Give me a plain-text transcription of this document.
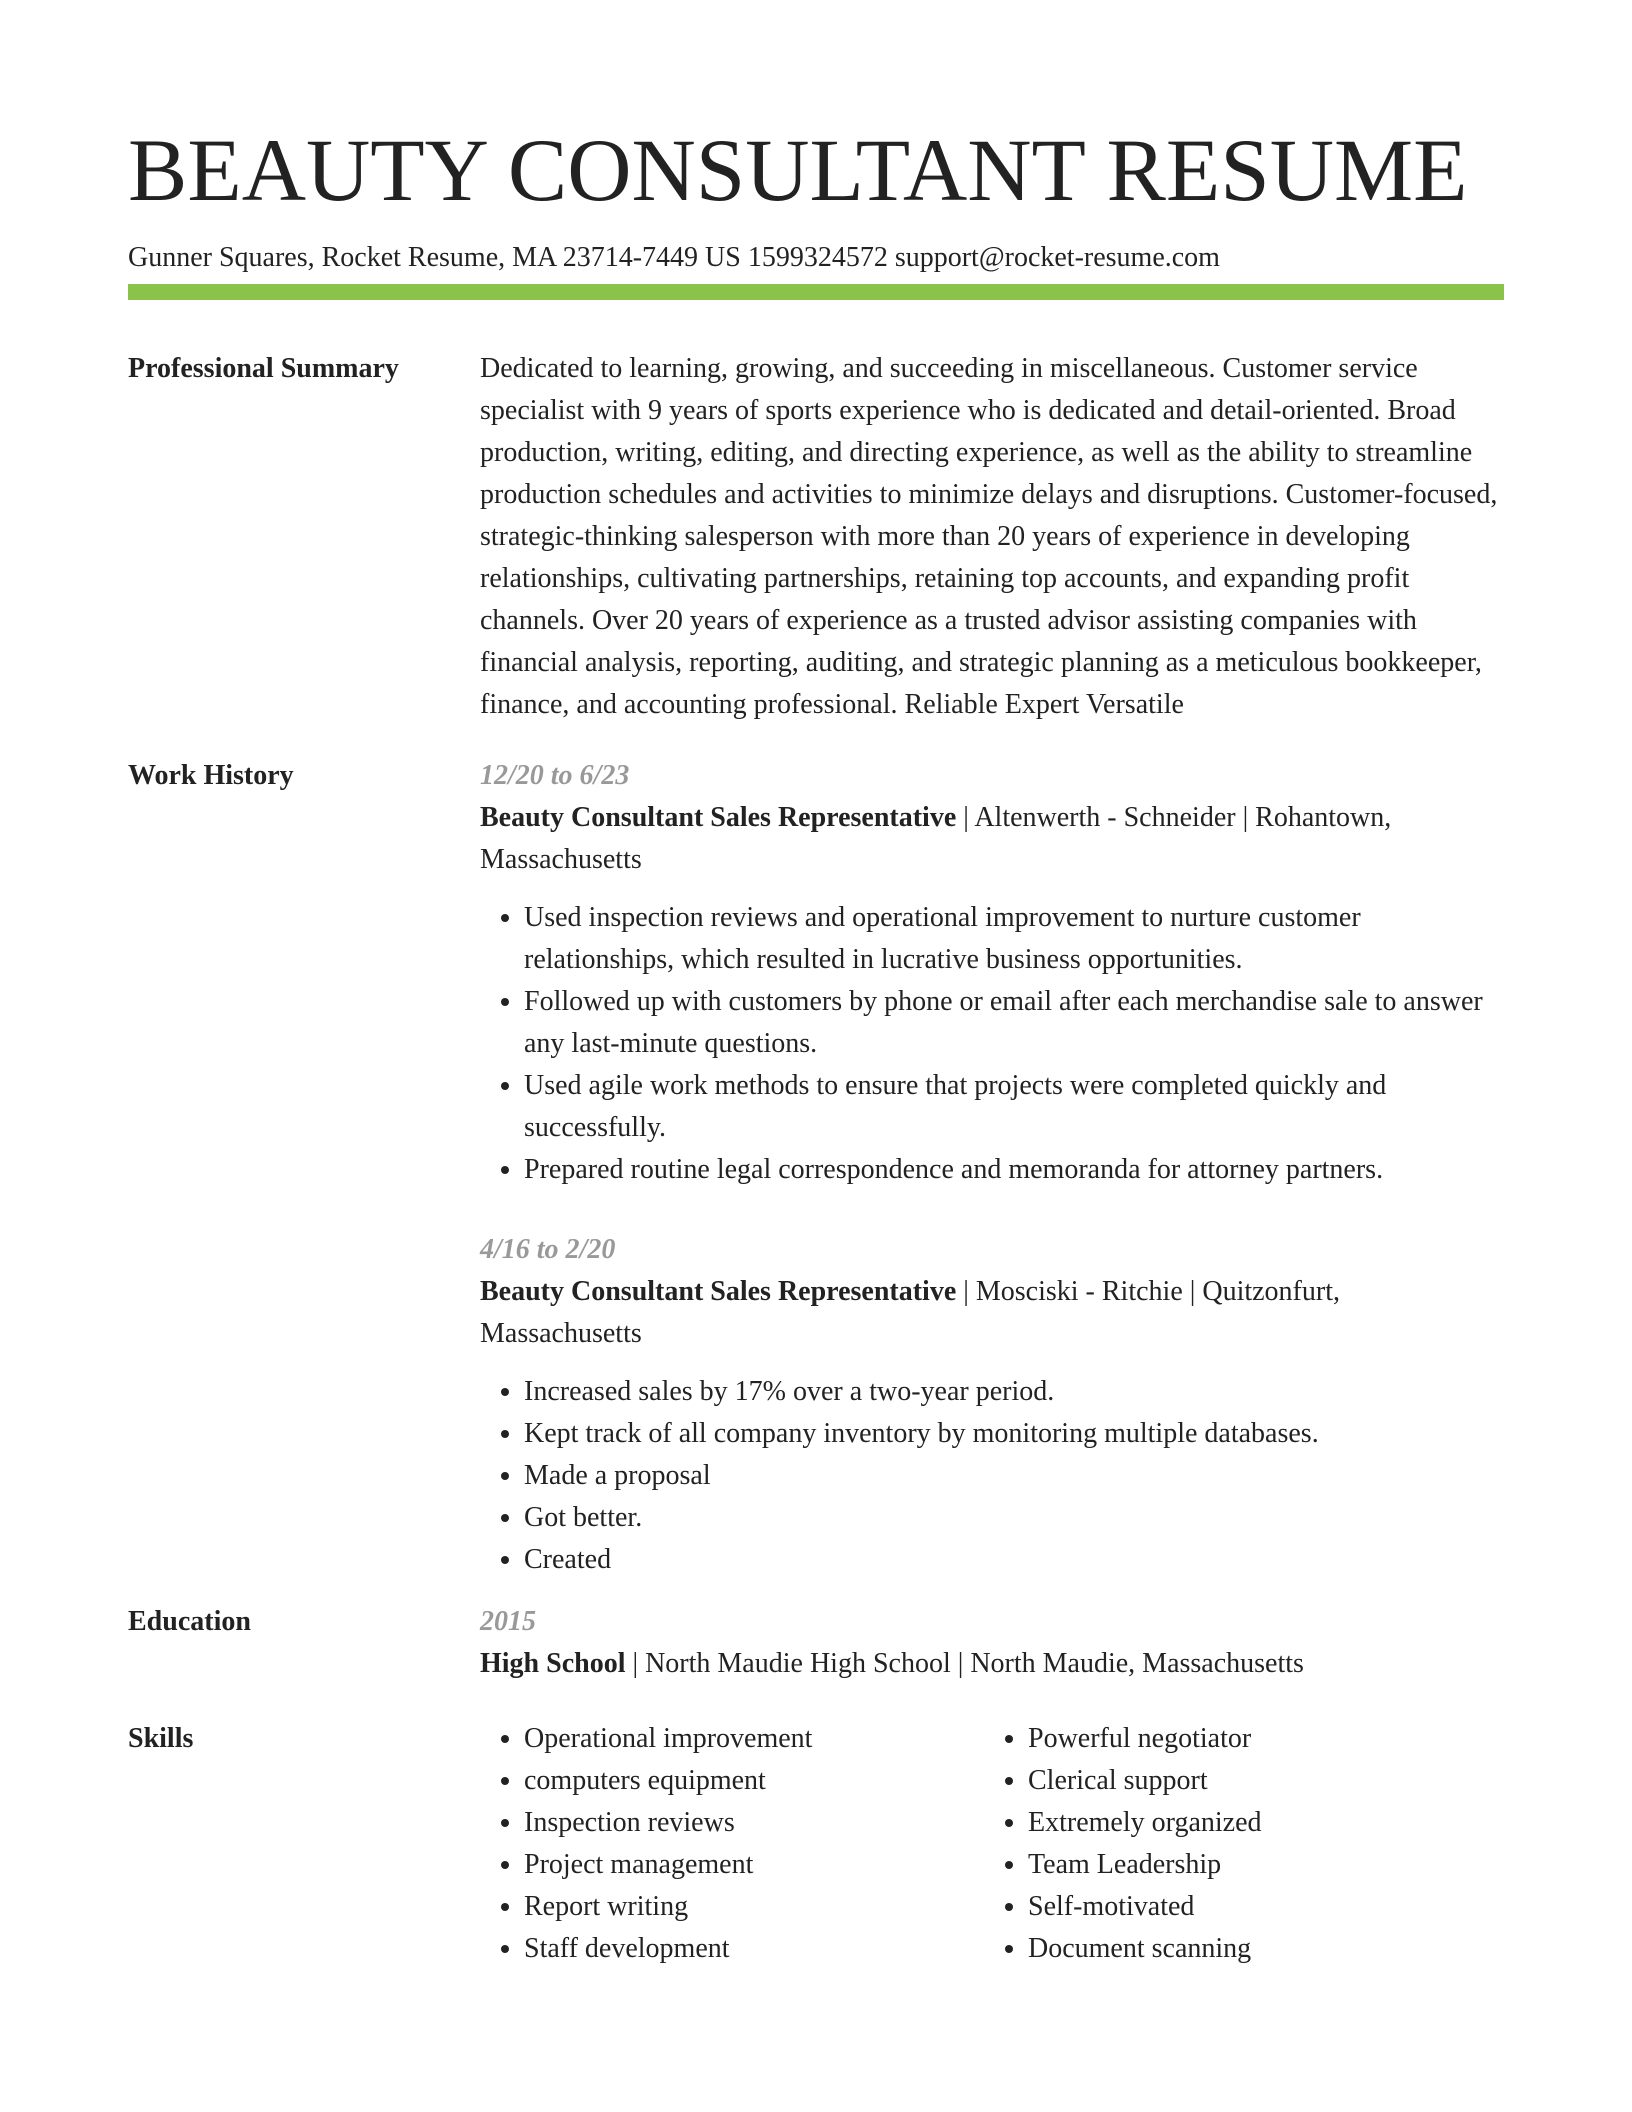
BEAUTY CONSULTANT RESUME
Gunner Squares, Rocket Resume, MA 23714-7449 US 1599324572 support@rocket-resume.com
Professional Summary	Dedicated to learning, growing, and succeeding in miscellaneous. Customer service specialist with 9 years of sports experience who is dedicated and detail-oriented. Broad production, writing, editing, and directing experience, as well as the ability to streamline production schedules and activities to minimize delays and disruptions. Customer-focused, strategic-thinking salesperson with more than 20 years of experience in developing relationships, cultivating partnerships, retaining top accounts, and expanding profit channels. Over 20 years of experience as a trusted advisor assisting companies with financial analysis, reporting, auditing, and strategic planning as a meticulous bookkeeper, finance, and accounting professional. Reliable Expert Versatile

Work History	12/20 to 6/23
Beauty Consultant Sales Representative | Altenwerth - Schneider | Rohantown, Massachusetts
• Used inspection reviews and operational improvement to nurture customer relationships, which resulted in lucrative business opportunities.
• Followed up with customers by phone or email after each merchandise sale to answer any last-minute questions.
• Used agile work methods to ensure that projects were completed quickly and successfully.
• Prepared routine legal correspondence and memoranda for attorney partners.
4/16 to 2/20
Beauty Consultant Sales Representative | Mosciski - Ritchie | Quitzonfurt, Massachusetts
• Increased sales by 17% over a two-year period.
• Kept track of all company inventory by monitoring multiple databases.
• Made a proposal
• Got better.
• Created
Education	2015
High School | North Maudie High School | North Maudie, Massachusetts
Skills
•	Operational improvement
• computers equipment
• Inspection reviews
• Project management
• Report writing
• Staff development
• Powerful negotiator
• Clerical support
• Extremely organized
• Team Leadership
• Self-motivated
• Document scanning
